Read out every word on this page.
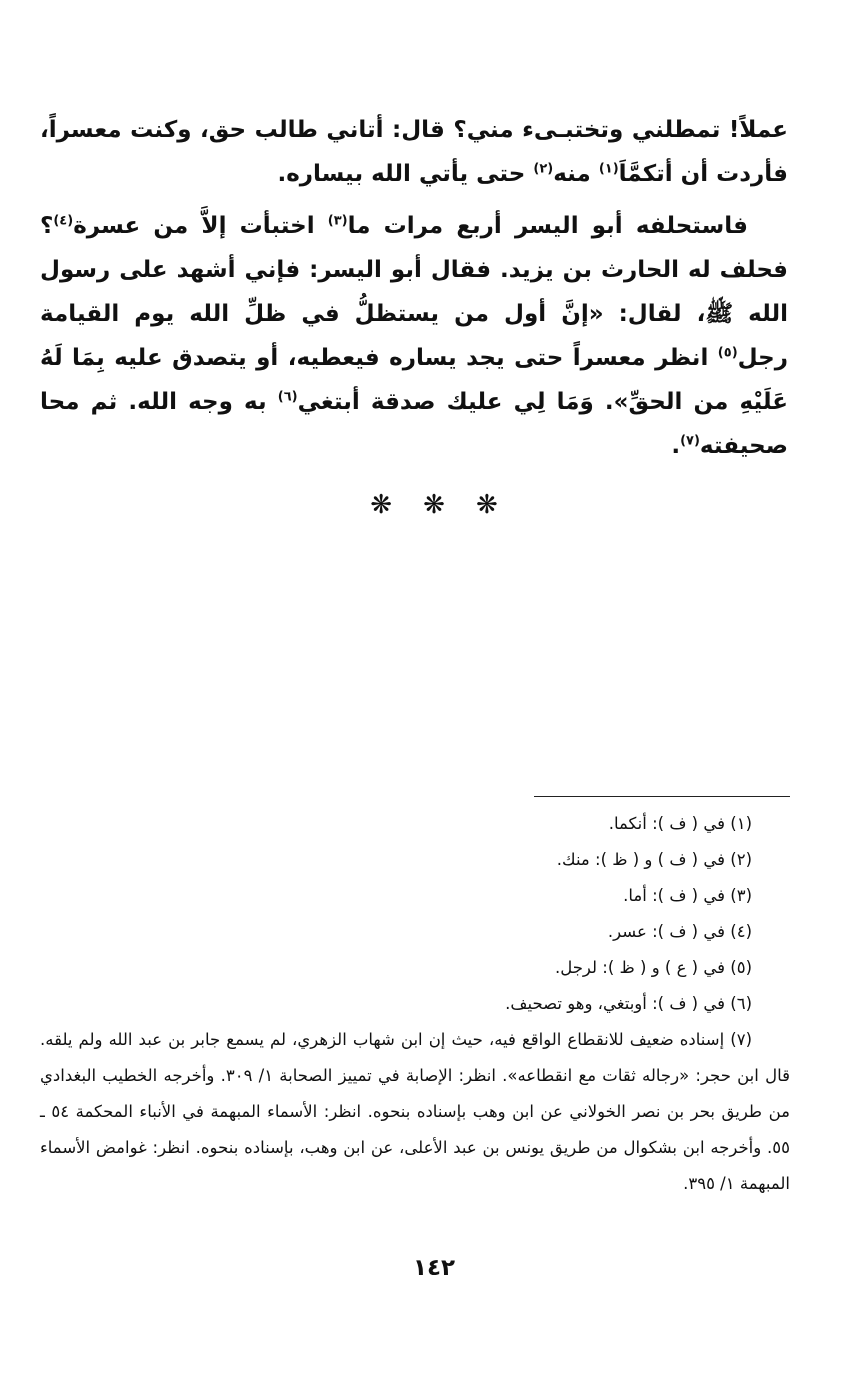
عملاً! تمطلني وتختبـىء مني؟ قال: أتاني طالب حق، وكنت معسراً، فأردت أن أتكمَّاَ$^{(١)}$ منه$^{(٢)}$ حتى يأتي الله بيساره.

فاستحلفه أبو اليسر أربع مرات ما$^{(٣)}$ اختبأت إلاَّ من عسرة$^{(٤)}$؟ فحلف له الحارث بن يزيد. فقال أبو اليسر: فإني أشهد على رسول الله ﷺ، لقال: «إنَّ أول من يستظلُّ في ظلِّ الله يوم القيامة رجل$^{(٥)}$ انظر معسراً حتى يجد يساره فيعطيه، أو يتصدق عليه بِمَا لَهُ عَلَيْهِ من الحقِّ». وَمَا لِي عليك صدقة أبتغي$^{(٦)}$ به وجه الله. ثم محا صحيفته$^{(٧)}$.

❋ ❋ ❋

(١) في ( ف ): أنكما.

(٢) في ( ف ) و ( ظ ): منك.

(٣) في ( ف ): أما.

(٤) في ( ف ): عسر.

(٥) في ( ع ) و ( ظ ): لرجل.

(٦) في ( ف ): أوبتغي، وهو تصحيف.

(٧) إسناده ضعيف للانقطاع الواقع فيه، حيث إن ابن شهاب الزهري، لم يسمع جابر بن عبد الله ولم يلقه. قال ابن حجر: «رجاله ثقات مع انقطاعه». انظر: الإصابة في تمييز الصحابة ١/ ٣٠٩. وأخرجه الخطيب البغدادي من طريق بحر بن نصر الخولاني عن ابن وهب بإسناده بنحوه. انظر: الأسماء المبهمة في الأنباء المحكمة ٥٤ ـ ٥٥. وأخرجه ابن بشكوال من طريق يونس بن عبد الأعلى، عن ابن وهب، بإسناده بنحوه. انظر: غوامض الأسماء المبهمة ١/ ٣٩٥.

١٤٢
